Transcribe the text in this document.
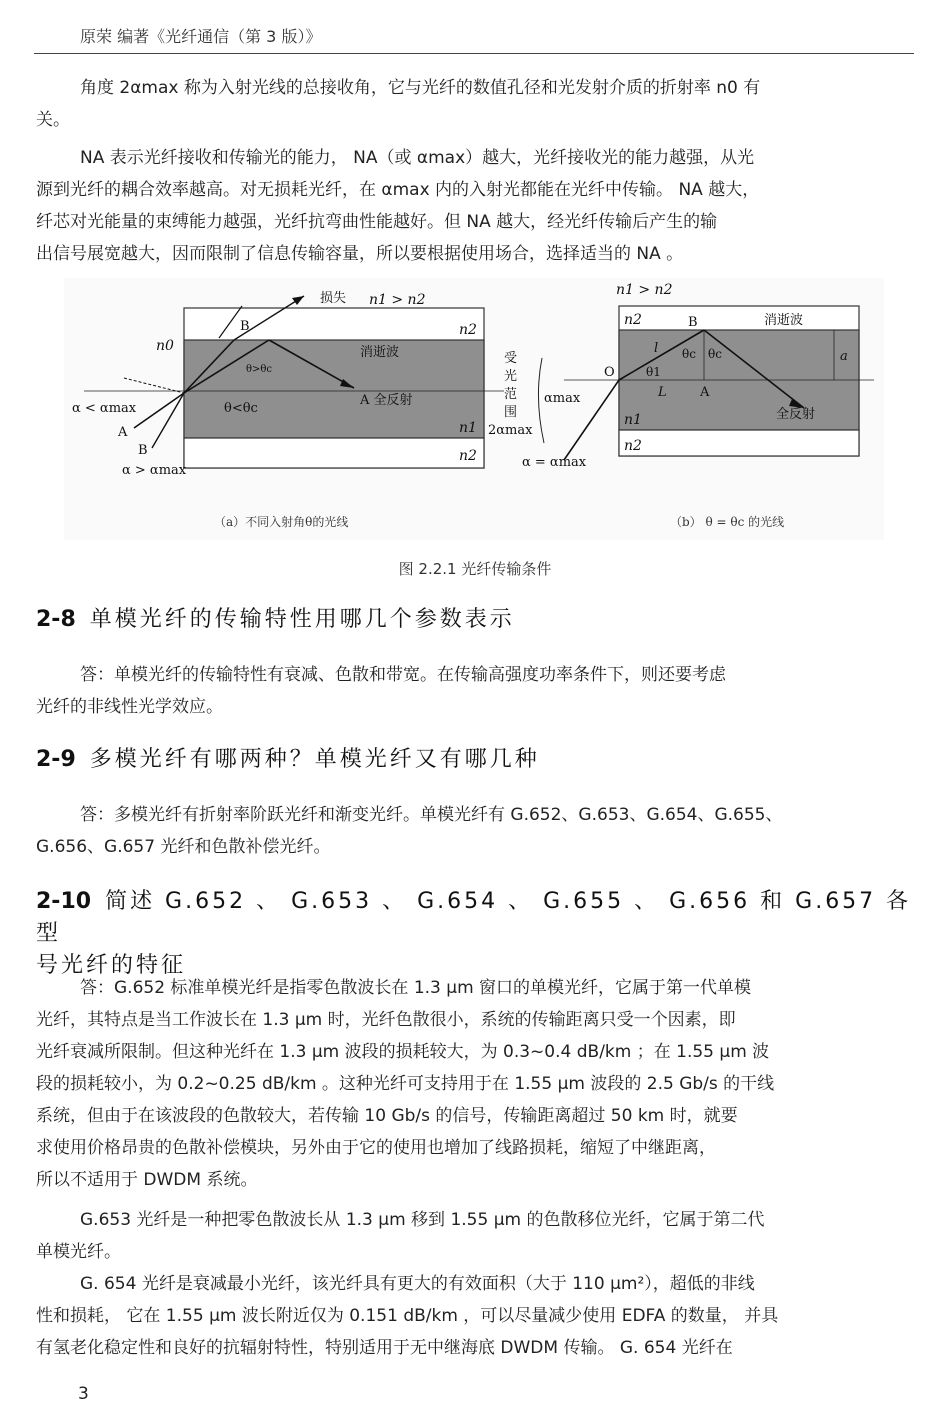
原荣 编著《光纤通信（第 3 版）》
角度 2αmax 称为入射光线的总接收角，它与光纤的数值孔径和光发射介质的折射率 n0 有
关。
NA 表示光纤接收和传输光的能力， NA（或 αmax）越大，光纤接收光的能力越强，从光
源到光纤的耦合效率越高。对无损耗光纤，在 αmax 内的入射光都能在光纤中传输。 NA 越大，
纤芯对光能量的束缚能力越强，光纤抗弯曲性能越好。但 NA 越大，经光纤传输后产生的输
出信号展宽越大，因而限制了信息传输容量，所以要根据使用场合，选择适当的 NA 。
损失 n1 > n2
n2
n0
B
消逝波
θ>θc
α < αmax	θ<θc
A 全反射
A
B
n1
n2
α > αmax
（a）不同入射角θ的光线
n1 > n2
n2	B	消逝波
受
光
范
围
l
O
θc θc
θ1
a
L	A
αmax
n1	全反射
2αmax
n2
α = αmax
（b） θ = θc 的光线
图 2.2.1 光纤传输条件
2-8 单模光纤的传输特性用哪几个参数表示
答：单模光纤的传输特性有衰减、色散和带宽。在传输高强度功率条件下，则还要考虑
光纤的非线性光学效应。
2-9 多模光纤有哪两种？单模光纤又有哪几种
答：多模光纤有折射率阶跃光纤和渐变光纤。单模光纤有 G.652、G.653、G.654、G.655、
G.656、G.657 光纤和色散补偿光纤。
2-10 简述 G.652 、 G.653 、 G.654 、 G.655 、 G.656 和 G.657 各型
号光纤的特征
答：G.652 标准单模光纤是指零色散波长在 1.3 μm 窗口的单模光纤，它属于第一代单模
光纤，其特点是当工作波长在 1.3 μm 时，光纤色散很小，系统的传输距离只受一个因素，即
光纤衰减所限制。但这种光纤在 1.3 μm 波段的损耗较大，为 0.3~0.4 dB/km ；在 1.55 μm 波
段的损耗较小，为 0.2~0.25 dB/km 。这种光纤可支持用于在 1.55 μm 波段的 2.5 Gb/s 的干线
系统，但由于在该波段的色散较大，若传输 10 Gb/s 的信号，传输距离超过 50 km 时，就要
求使用价格昂贵的色散补偿模块，另外由于它的使用也增加了线路损耗，缩短了中继距离，
所以不适用于 DWDM 系统。
G.653 光纤是一种把零色散波长从 1.3 μm 移到 1.55 μm 的色散移位光纤，它属于第二代
单模光纤。
G. 654 光纤是衰减最小光纤，该光纤具有更大的有效面积（大于 110 μm²），超低的非线
性和损耗， 它在 1.55 μm 波长附近仅为 0.151 dB/km ，可以尽量减少使用 EDFA 的数量， 并具
有氢老化稳定性和良好的抗辐射特性，特别适用于无中继海底 DWDM 传输。 G. 654 光纤在
3
